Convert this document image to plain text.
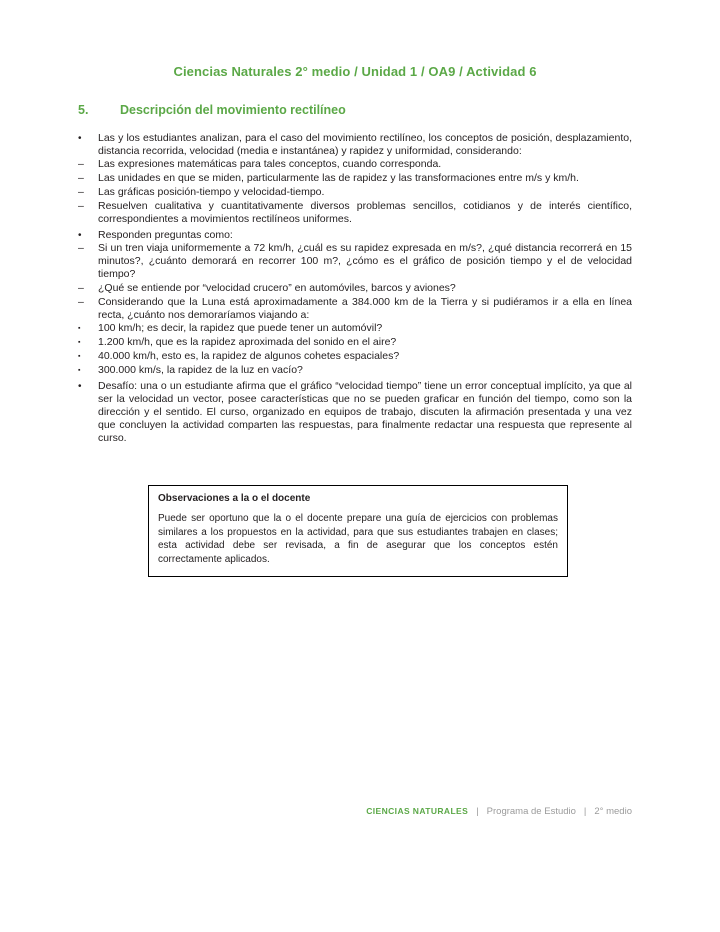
Ciencias Naturales 2° medio / Unidad 1 / OA9 / Actividad 6
5.	Descripción del movimiento rectilíneo
•	Las y los estudiantes analizan, para el caso del movimiento rectilíneo, los conceptos de posición, desplazamiento, distancia recorrida, velocidad (media e instantánea) y rapidez y uniformidad, considerando:
–	Las expresiones matemáticas para tales conceptos, cuando corresponda.
–	Las unidades en que se miden, particularmente las de rapidez y las transformaciones entre m/s y km/h.
–	Las gráficas posición-tiempo y velocidad-tiempo.
–	Resuelven cualitativa y cuantitativamente diversos problemas sencillos, cotidianos y de interés científico, correspondientes a movimientos rectilíneos uniformes.
•	Responden preguntas como:
–	Si un tren viaja uniformemente a 72 km/h, ¿cuál es su rapidez expresada en m/s?, ¿qué distancia recorrerá en 15 minutos?, ¿cuánto demorará en recorrer 100 m?, ¿cómo es el gráfico de posición tiempo y el de velocidad tiempo?
–	¿Qué se entiende por “velocidad crucero” en automóviles, barcos y aviones?
–	Considerando que la Luna está aproximadamente a 384.000 km de la Tierra y si pudiéramos ir a ella en línea recta, ¿cuánto nos demoraríamos viajando a:
▪	100 km/h; es decir, la rapidez que puede tener un automóvil?
▪	1.200 km/h, que es la rapidez aproximada del sonido en el aire?
▪	40.000 km/h, esto es, la rapidez de algunos cohetes espaciales?
▪	300.000 km/s, la rapidez de la luz en vacío?
•	Desafío: una o un estudiante afirma que el gráfico “velocidad tiempo” tiene un error conceptual implícito, ya que al ser la velocidad un vector, posee características que no se pueden graficar en función del tiempo, como son la dirección y el sentido. El curso, organizado en equipos de trabajo, discuten la afirmación presentada y una vez que concluyen la actividad comparten las respuestas, para finalmente redactar una respuesta que represente al curso.
Observaciones a la o el docente

Puede ser oportuno que la o el docente prepare una guía de ejercicios con problemas similares a los propuestos en la actividad, para que sus estudiantes trabajen en clases; esta actividad debe ser revisada, a fin de asegurar que los conceptos estén correctamente aplicados.

CIENCIAS NATURALES | Programa de Estudio | 2° medio
